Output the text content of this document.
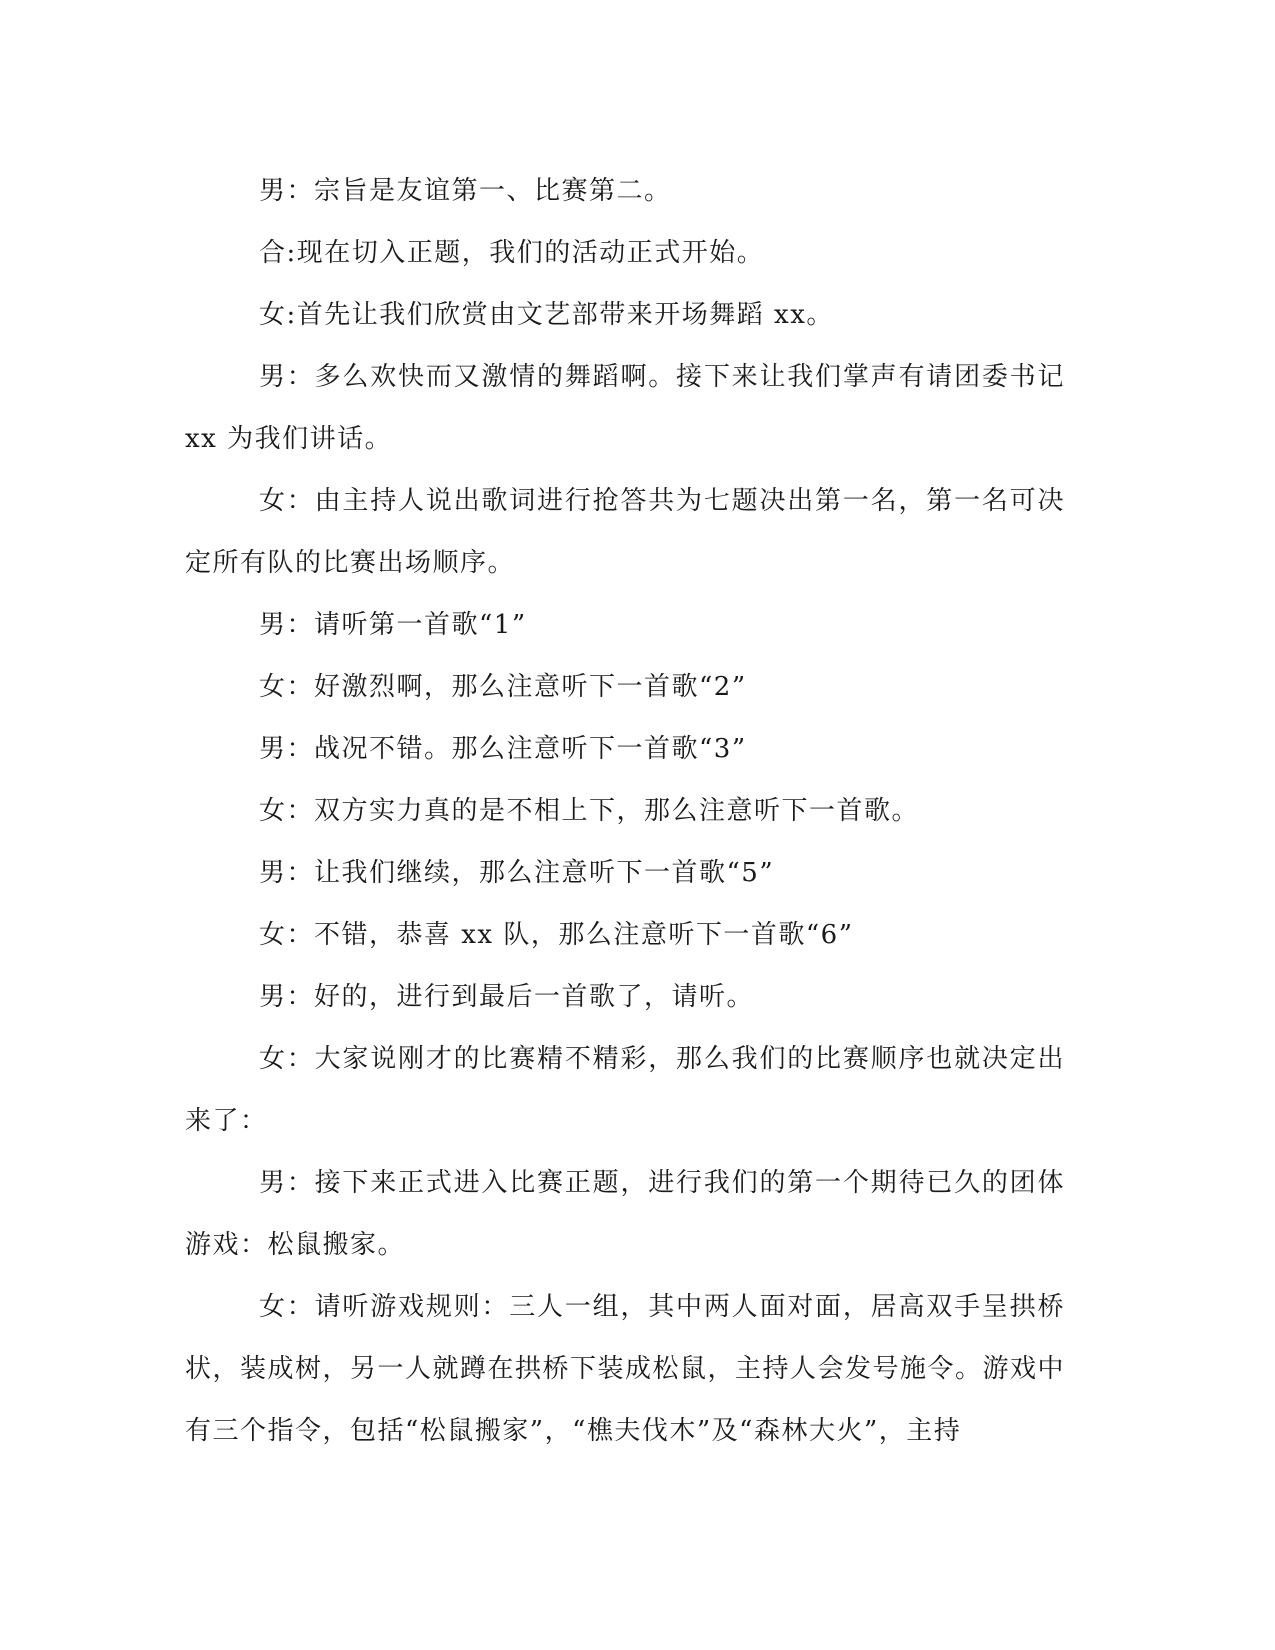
男：宗旨是友谊第一、比赛第二。

合:现在切入正题，我们的活动正式开始。

女:首先让我们欣赏由文艺部带来开场舞蹈 xx。

男：多么欢快而又激情的舞蹈啊。接下来让我们掌声有请团委书记 xx 为我们讲话。

女：由主持人说出歌词进行抢答共为七题决出第一名，第一名可决定所有队的比赛出场顺序。

男：请听第一首歌“1”

女：好激烈啊，那么注意听下一首歌“2”

男：战况不错。那么注意听下一首歌“3”

女：双方实力真的是不相上下，那么注意听下一首歌。

男：让我们继续，那么注意听下一首歌“5”

女：不错，恭喜 xx 队，那么注意听下一首歌“6”

男：好的，进行到最后一首歌了，请听。

女：大家说刚才的比赛精不精彩，那么我们的比赛顺序也就决定出来了：

男：接下来正式进入比赛正题，进行我们的第一个期待已久的团体游戏：松鼠搬家。

女：请听游戏规则：三人一组，其中两人面对面，居高双手呈拱桥状，装成树，另一人就蹲在拱桥下装成松鼠，主持人会发号施令。游戏中有三个指令，包括“松鼠搬家”，“樵夫伐木”及“森林大火”，主持
